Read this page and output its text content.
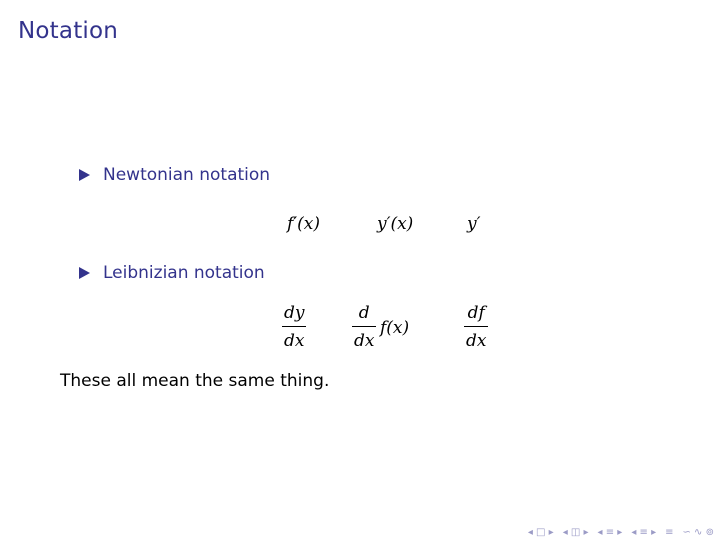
Notation
Newtonian notation
f′(x)	y′(x)	y′
Leibnizian notation
$\frac{dy}{dx}$	$\frac{d}{dx} f(x)$	$\frac{df}{dx}$
These all mean the same thing.
◂ □ ▸ ◂ ◫ ▸ ◂ ≡ ▸ ◂ ≡ ▸ ≡ ∽ ∿ ⊚
